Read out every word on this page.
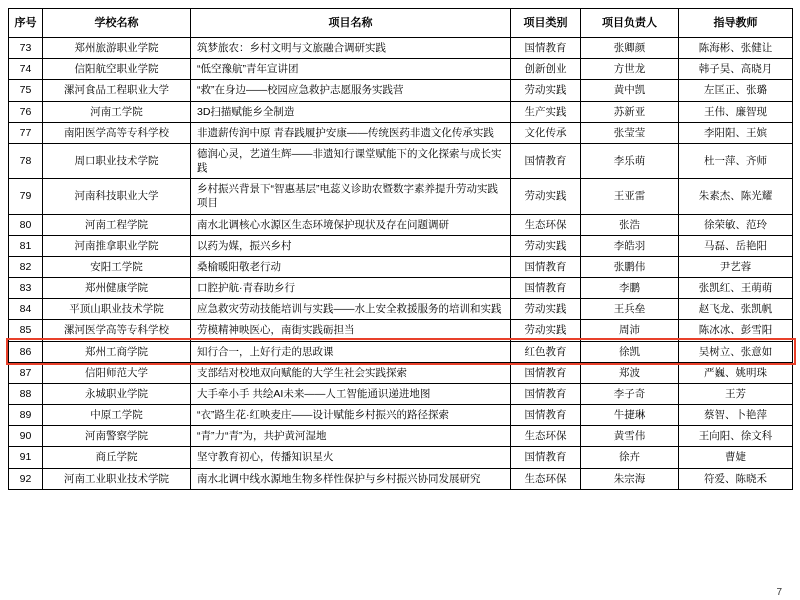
序号	学校名称	项目名称	项目类别	项目负责人	指导教师
73	郑州旅游职业学院	筑梦旅农：乡村文明与文旅融合调研实践	国情教育	张卿颜	陈海彬、张健让
74	信阳航空职业学院	“低空豫航”青年宣讲团	创新创业	方世龙	韩子昊、高晓月
75	漯河食品工程职业大学	“救”在身边——校园应急救护志愿服务实践营	劳动实践	黄中凯	左匡正、张璐
76	河南工学院	3D扫描赋能乡全制造	生产实践	苏新亚	王伟、廉智现
77	南阳医学高等专科学校	非遗薪传润中原 青春践履护安康——传统医药非遗文化传承实践	文化传承	张莹莹	李阳阳、王嫔
78	周口职业技术学院	德润心灵，艺道生辉——非遗知行课堂赋能下的文化探索与成长实践	国情教育	李乐萌	杜一萍、齐师
79	河南科技职业大学	乡村振兴背景下“智惠基层”电蕊义诊助农暨数字素养提升劳动实践项目	劳动实践	王亚雷	朱素杰、陈光耀
80	河南工程学院	南水北调核心水源区生态环境保护现状及存在问题调研	生态环保	张浩	徐荣敏、范玲
81	河南推拿职业学院	以药为媒，振兴乡村	劳动实践	李皓羽	马磊、岳艳阳
82	安阳工学院	桑榆暖阳敬老行动	国情教育	张鹏伟	尹艺蓉
83	郑州健康学院	口腔护航·青春助乡行	国情教育	李鹏	张凯红、王萌萌
84	平顶山职业技术学院	应急救灾劳动技能培训与实践——水上安全救援服务的培训和实践	劳动实践	王兵垒	赵飞龙、张凯帆
85	漯河医学高等专科学校	劳模精神映医心，南街实践砺担当	劳动实践	周沛	陈冰冰、彭雪阳
86	郑州工商学院	知行合一，上好行走的思政课	红色教育	徐凯	吴树立、张意如
87	信阳师范大学	支部结对校地双向赋能的大学生社会实践探索	国情教育	郑波	严巍、姚明珠
88	永城职业学院	大手牵小手 共绘AI未来——人工智能通识递进地图	国情教育	李子奇	王芳
89	中原工学院	“衣”路生花·红映麦庄——设计赋能乡村振兴的路径探索	国情教育	牛捷琳	蔡智、卜艳萍
90	河南警察学院	“青”力“青”为，共护黄河湿地	生态环保	黄雪伟	王向阳、徐文科
91	商丘学院	坚守教育初心，传播知识星火	国情教育	徐卉	曹婕
92	河南工业职业技术学院	南水北调中线水源地生物多样性保护与乡村振兴协同发展研究	生态环保	朱宗海	符爱、陈晓禾
7
